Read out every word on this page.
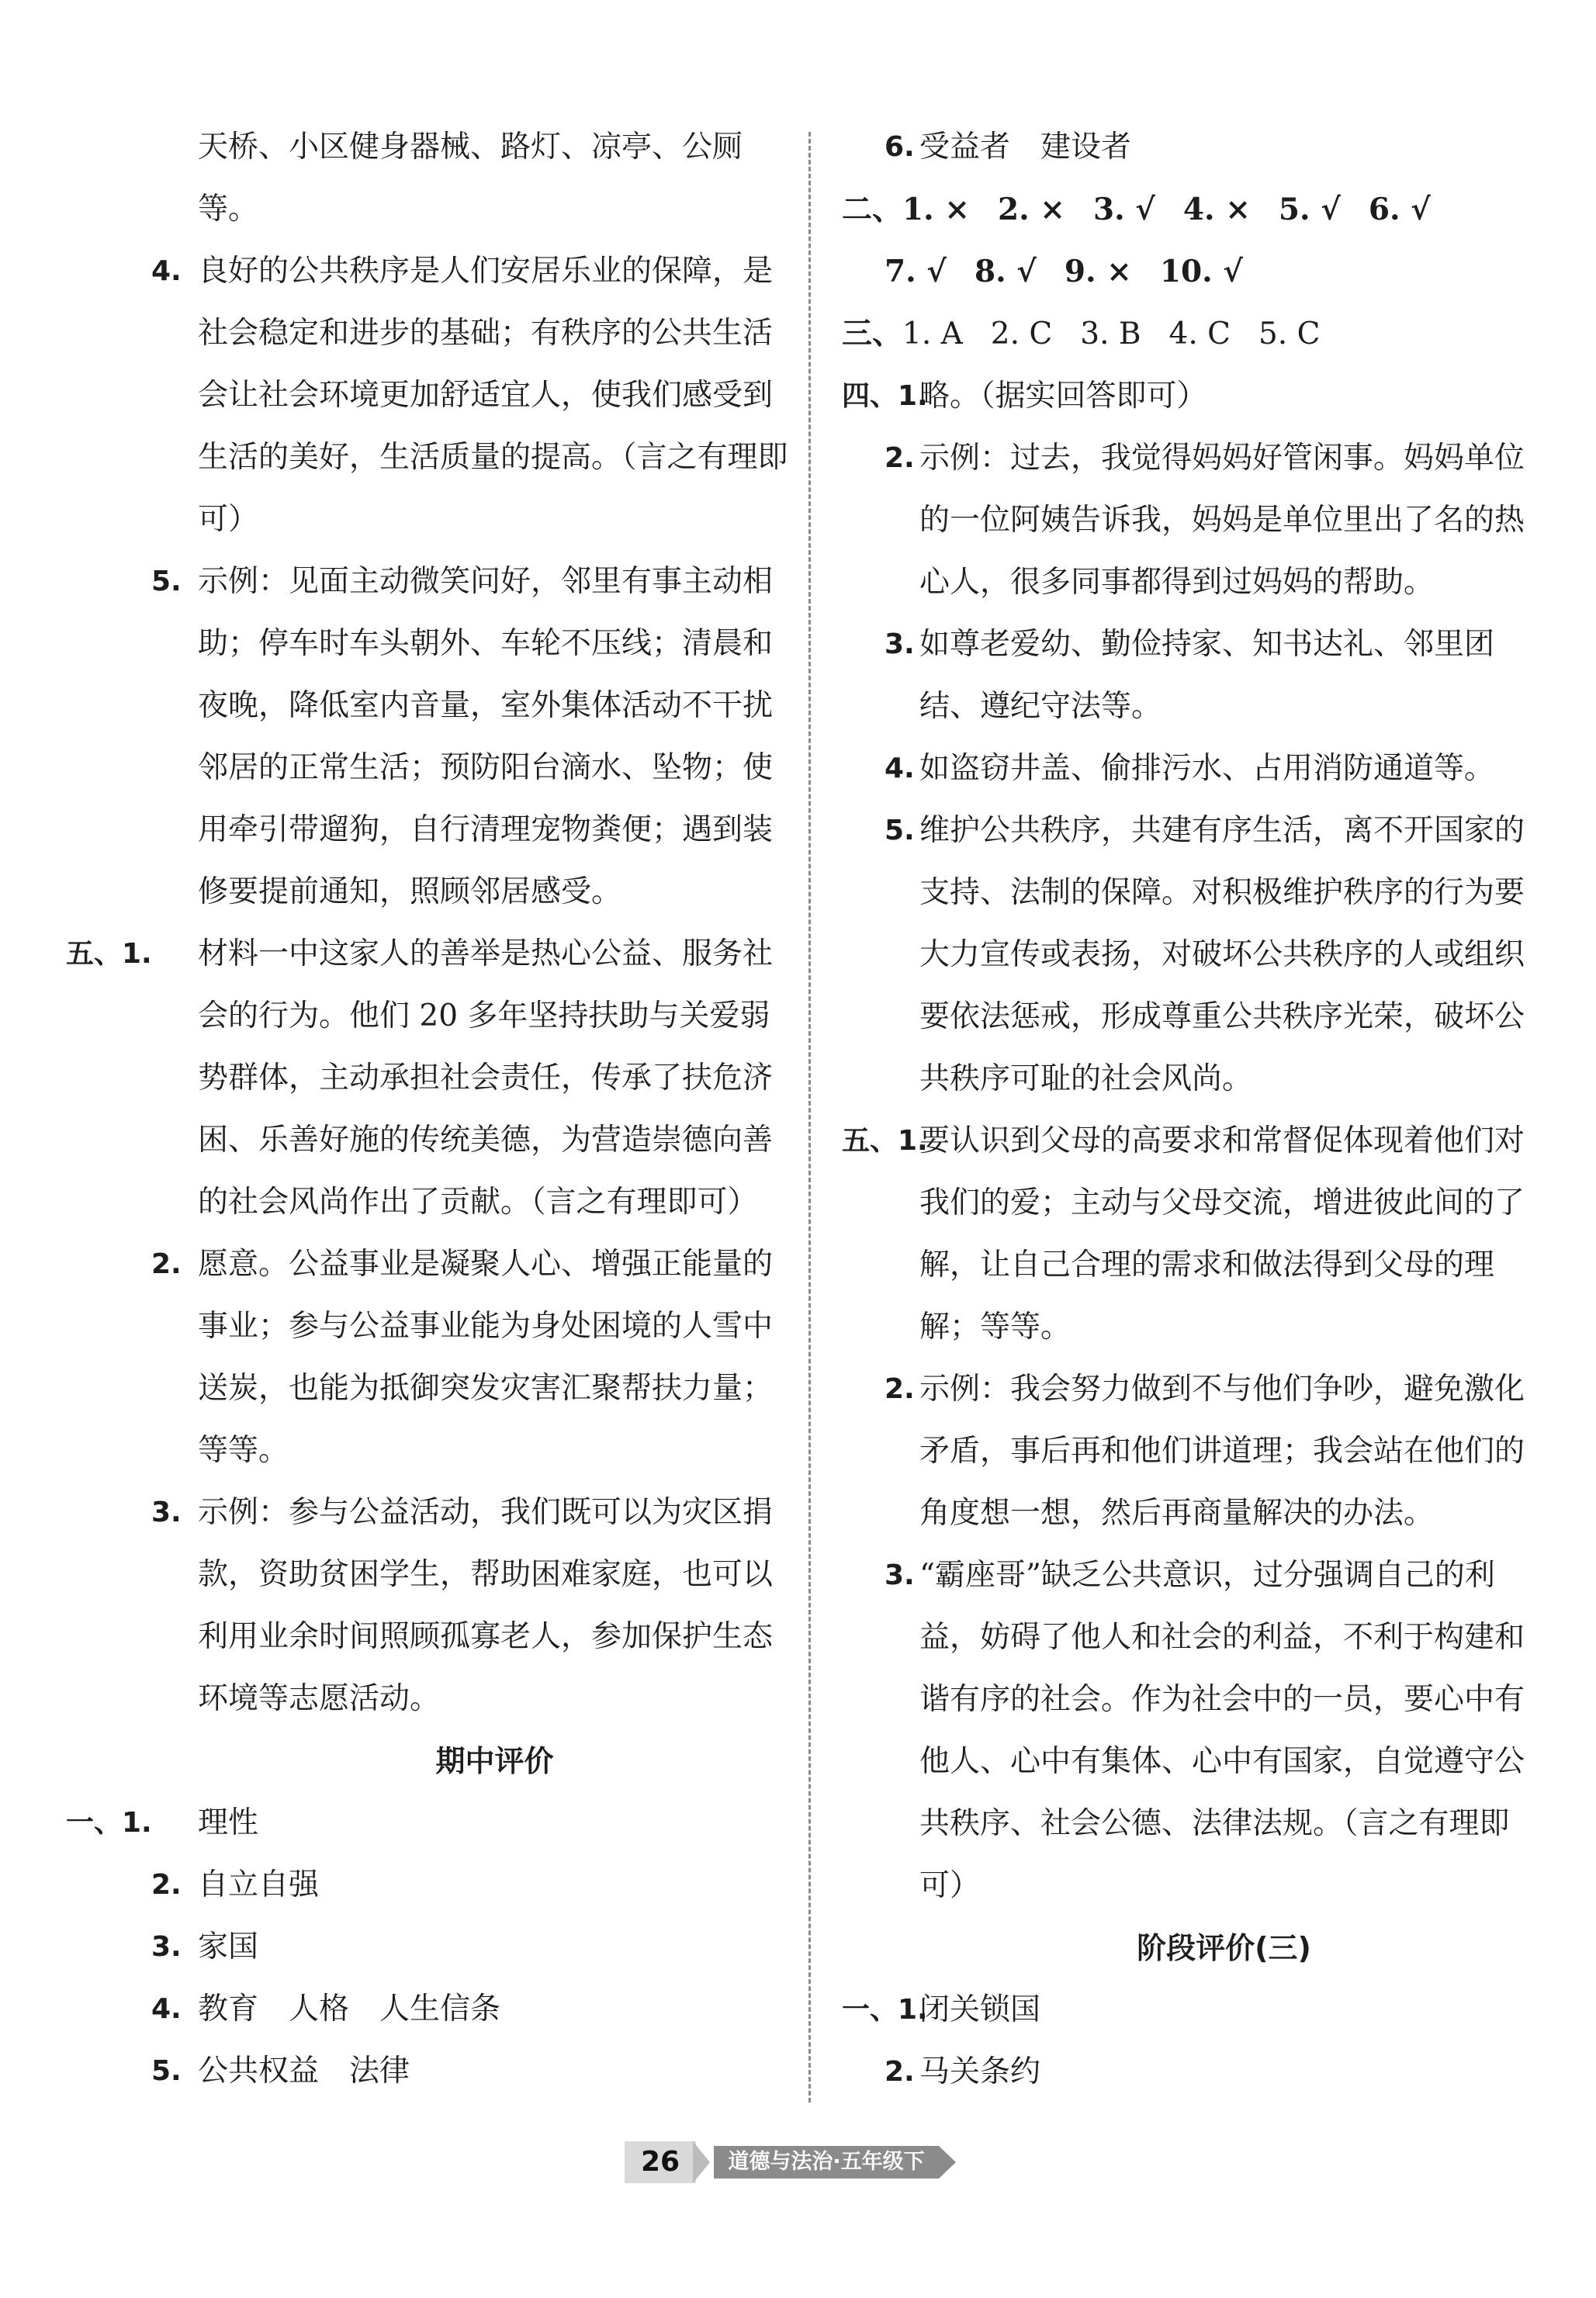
天桥、小区健身器械、路灯、凉亭、公厕等。
4. 良好的公共秩序是人们安居乐业的保障，是社会稳定和进步的基础；有秩序的公共生活会让社会环境更加舒适宜人，使我们感受到生活的美好，生活质量的提高。（言之有理即可）
5. 示例：见面主动微笑问好，邻里有事主动相助；停车时车头朝外、车轮不压线；清晨和夜晚，降低室内音量，室外集体活动不干扰邻居的正常生活；预防阳台滴水、坠物；使用牵引带遛狗，自行清理宠物粪便；遇到装修要提前通知，照顾邻居感受。
五、1. 材料一中这家人的善举是热心公益、服务社会的行为。他们 20 多年坚持扶助与关爱弱势群体，主动承担社会责任，传承了扶危济困、乐善好施的传统美德，为营造崇德向善的社会风尚作出了贡献。（言之有理即可）
2. 愿意。公益事业是凝聚人心、增强正能量的事业；参与公益事业能为身处困境的人雪中送炭，也能为抵御突发灾害汇聚帮扶力量；等等。
3. 示例：参与公益活动，我们既可以为灾区捐款，资助贫困学生，帮助困难家庭，也可以利用业余时间照顾孤寡老人，参加保护生态环境等志愿活动。
期中评价
一、1. 理性
2. 自立自强
3. 家国
4. 教育　人格　人生信条
5. 公共权益　法律
6. 受益者　建设者
二、1. × 2. × 3. √ 4. × 5. √ 6. √
7. √ 8. √ 9. × 10. √
三、1. A 2. C 3. B 4. C 5. C
四、1.
略。（据实回答即可）
2. 示例：过去，我觉得妈妈好管闲事。妈妈单位的一位阿姨告诉我，妈妈是单位里出了名的热心人，很多同事都得到过妈妈的帮助。
3. 如尊老爱幼、勤俭持家、知书达礼、邻里团结、遵纪守法等。
4. 如盗窃井盖、偷排污水、占用消防通道等。
5. 维护公共秩序，共建有序生活，离不开国家的支持、法制的保障。对积极维护秩序的行为要大力宣传或表扬，对破坏公共秩序的人或组织要依法惩戒，形成尊重公共秩序光荣，破坏公共秩序可耻的社会风尚。
五、1.
要认识到父母的高要求和常督促体现着他们对我们的爱；主动与父母交流，增进彼此间的了解，让自己合理的需求和做法得到父母的理解；等等。
2. 示例：我会努力做到不与他们争吵，避免激化矛盾，事后再和他们讲道理；我会站在他们的角度想一想，然后再商量解决的办法。
3. “霸座哥”缺乏公共意识，过分强调自己的利益，妨碍了他人和社会的利益，不利于构建和谐有序的社会。作为社会中的一员，要心中有他人、心中有集体、心中有国家，自觉遵守公共秩序、社会公德、法律法规。（言之有理即可）
阶段评价(三)
一、1.
闭关锁国
2. 马关条约
26	道德与法治·五年级下
